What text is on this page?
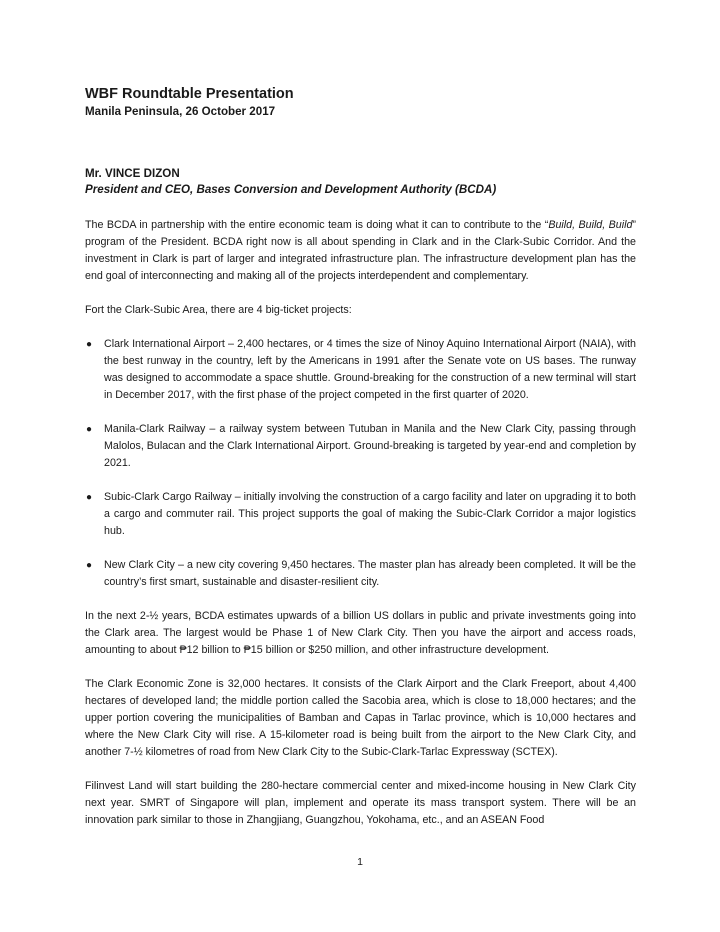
WBF Roundtable Presentation
Manila Peninsula, 26 October 2017
Mr. VINCE DIZON
President and CEO, Bases Conversion and Development Authority (BCDA)

The BCDA in partnership with the entire economic team is doing what it can to contribute to the “Build, Build, Build” program of the President. BCDA right now is all about spending in Clark and in the Clark-Subic Corridor. And the investment in Clark is part of larger and integrated infrastructure plan. The infrastructure development plan has the end goal of interconnecting and making all of the projects interdependent and complementary.

Fort the Clark-Subic Area, there are 4 big-ticket projects:

● Clark International Airport – 2,400 hectares, or 4 times the size of Ninoy Aquino International Airport (NAIA), with the best runway in the country, left by the Americans in 1991 after the Senate vote on US bases. The runway was designed to accommodate a space shuttle. Ground-breaking for the construction of a new terminal will start in December 2017, with the first phase of the project competed in the first quarter of 2020.
● Manila-Clark Railway – a railway system between Tutuban in Manila and the New Clark City, passing through Malolos, Bulacan and the Clark International Airport. Ground-breaking is targeted by year-end and completion by 2021.
● Subic-Clark Cargo Railway – initially involving the construction of a cargo facility and later on upgrading it to both a cargo and commuter rail. This project supports the goal of making the Subic-Clark Corridor a major logistics hub.
● New Clark City – a new city covering 9,450 hectares. The master plan has already been completed. It will be the country’s first smart, sustainable and disaster-resilient city.

In the next 2-½ years, BCDA estimates upwards of a billion US dollars in public and private investments going into the Clark area. The largest would be Phase 1 of New Clark City. Then you have the airport and access roads, amounting to about ₱12 billion to ₱15 billion or $250 million, and other infrastructure development.

The Clark Economic Zone is 32,000 hectares. It consists of the Clark Airport and the Clark Freeport, about 4,400 hectares of developed land; the middle portion called the Sacobia area, which is close to 18,000 hectares; and the upper portion covering the municipalities of Bamban and Capas in Tarlac province, which is 10,000 hectares and where the New Clark City will rise. A 15-kilometer road is being built from the airport to the New Clark City, and another 7-½ kilometres of road from New Clark City to the Subic-Clark-Tarlac Expressway (SCTEX).

Filinvest Land will start building the 280-hectare commercial center and mixed-income housing in New Clark City next year. SMRT of Singapore will plan, implement and operate its mass transport system. There will be an innovation park similar to those in Zhangjiang, Guangzhou, Yokohama, etc., and an ASEAN Food

1
